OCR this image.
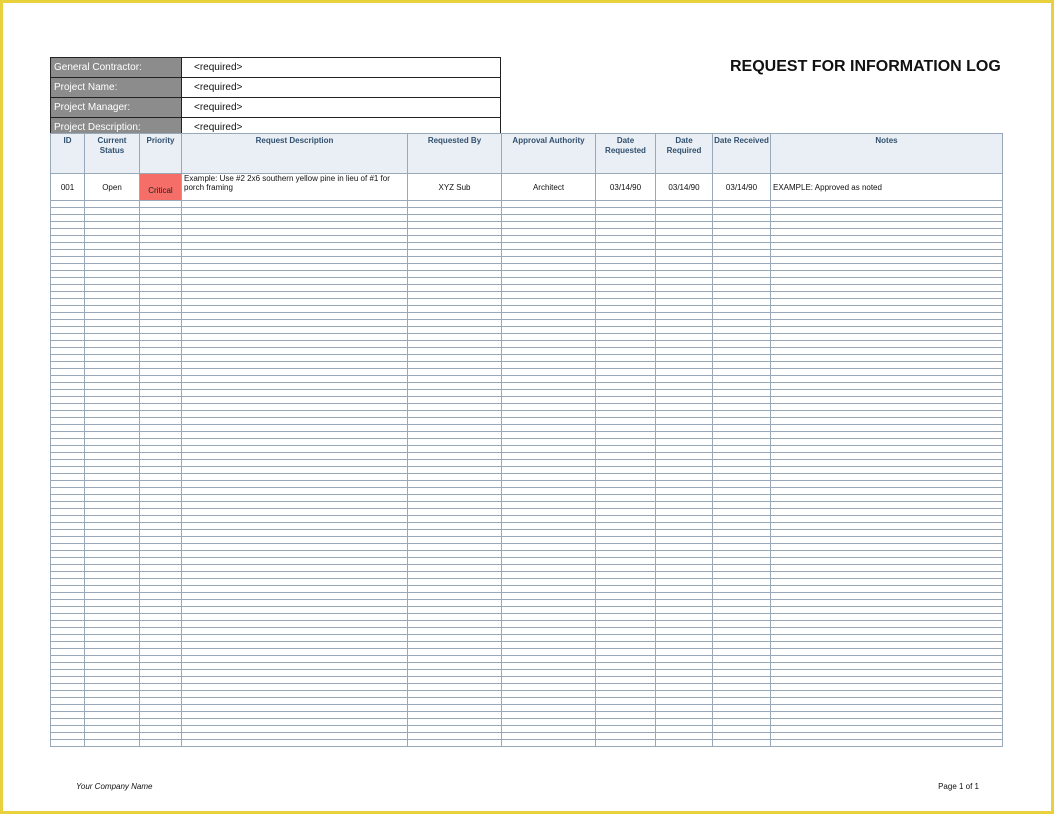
General Contractor:	<required>
Project Name:	<required>
Project Manager:	<required>
Project Description:	<required>
REQUEST FOR INFORMATION LOG
ID	Current Status	Priority	Request Description	Requested By	Approval Authority	Date Requested	Date Required	Date Received	Notes
001	Open	Critical	Example: Use #2 2x6 southern yellow pine in lieu of #1 for porch framing	XYZ Sub	Architect	03/14/90	03/14/90	03/14/90	EXAMPLE: Approved as noted

Your Company Name	Page 1 of 1
